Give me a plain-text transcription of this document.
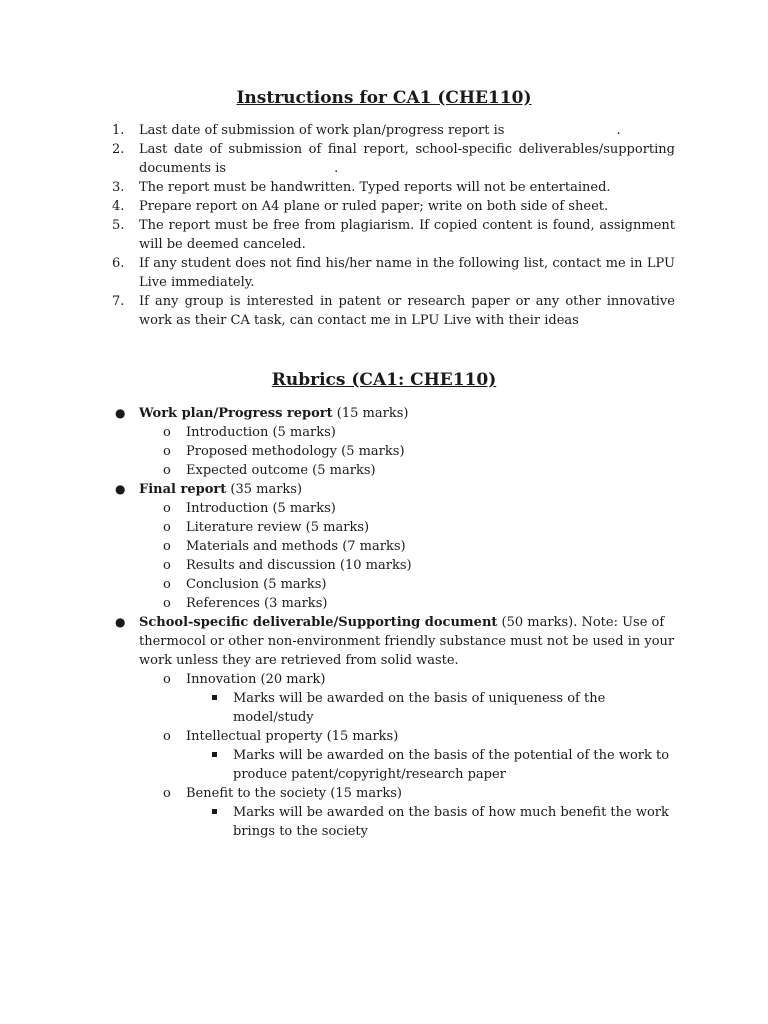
Instructions for CA1 (CHE110)
1. Last date of submission of work plan/progress report is	.
2. Last date of submission of final report, school-specific deliverables/supporting documents is	.
3. The report must be handwritten. Typed reports will not be entertained.
4. Prepare report on A4 plane or ruled paper; write on both side of sheet.
5. The report must be free from plagiarism. If copied content is found, assignment will be deemed canceled.
6. If any student does not find his/her name in the following list, contact me in LPU Live immediately.
7. If any group is interested in patent or research paper or any other innovative work as their CA task, can contact me in LPU Live with their ideas
Rubrics (CA1: CHE110)
● Work plan/Progress report (15 marks)
o Introduction (5 marks)
o Proposed methodology (5 marks)
o Expected outcome (5 marks)
● Final report (35 marks)
o Introduction (5 marks)
o Literature review (5 marks)
o Materials and methods (7 marks)
o Results and discussion (10 marks)
o Conclusion (5 marks)
o References (3 marks)
● School-specific deliverable/Supporting document (50 marks). Note: Use of thermocol or other non-environment friendly substance must not be used in your work unless they are retrieved from solid waste.
o Innovation (20 mark)
Marks will be awarded on the basis of uniqueness of the model/study
o Intellectual property (15 marks)
Marks will be awarded on the basis of the potential of the work to produce patent/copyright/research paper
o Benefit to the society (15 marks)
Marks will be awarded on the basis of how much benefit the work brings to the society
